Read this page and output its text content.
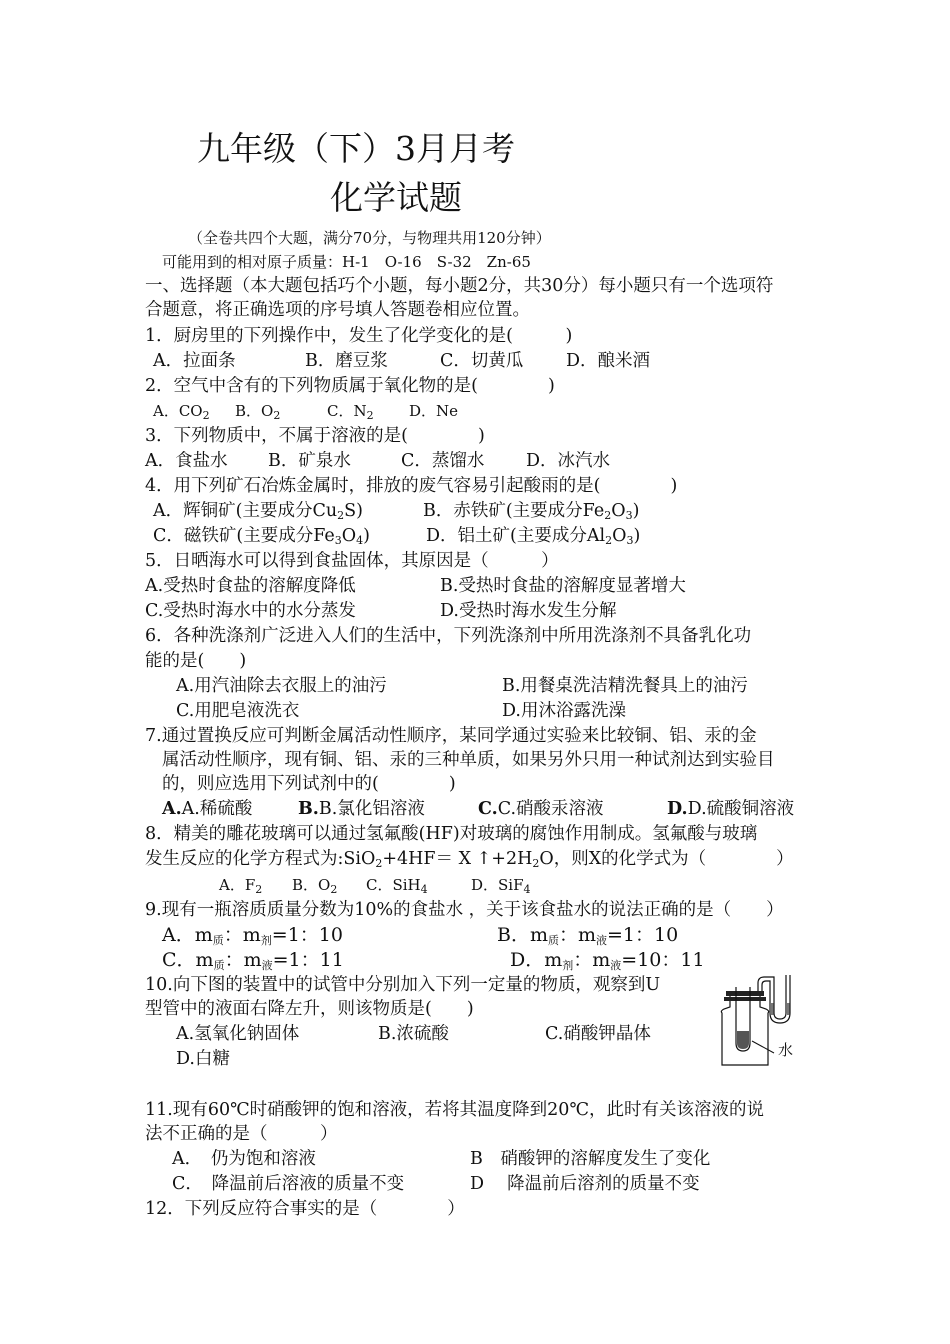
九年级（下）3月月考
化学试题
（全卷共四个大题，满分70分，与物理共用120分钟）
可能用到的相对原子质量：H-1　O-16　S-32　Zn-65
一、选择题（本大题包括巧个小题，每小题2分，共30分）每小题只有一个选项符
合题意，将正确选项的序号填人答题卷相应位置。
1．厨房里的下列操作中，发生了化学变化的是(　　　)
A．拉面条	B．磨豆浆	C．切黄瓜 D．酿米酒
2．空气中含有的下列物质属于氧化物的是(　　　　)
A．$CO_2$ B．$O_2$	C．$N_2$ D．Ne
3．下列物质中，不属于溶液的是(　　　　)
A．食盐水 B．矿泉水	C．蒸馏水 D．冰汽水
4．用下列矿石冶炼金属时，排放的废气容易引起酸雨的是(　　　　)
A．辉铜矿(主要成分$Cu_2S$)	B．赤铁矿(主要成分$Fe_2O_3$)
C．磁铁矿(主要成分$Fe_3O_4$)	D．铝土矿(主要成分$Al_2O_3$)
5．日晒海水可以得到食盐固体，其原因是（　　　）
A.受热时食盐的溶解度降低	B.受热时食盐的溶解度显著增大
C.受热时海水中的水分蒸发	D.受热时海水发生分解
6．各种洗涤剂广泛进入人们的生活中，下列洗涤剂中所用洗涤剂不具备乳化功
能的是(　　)
A.用汽油除去衣服上的油污	B.用餐桌洗洁精洗餐具上的油污
C.用肥皂液洗衣	D.用沐浴露洗澡
7.通过置换反应可判断金属活动性顺序，某同学通过实验来比较铜、铝、汞的金
属活动性顺序，现有铜、铝、汞的三种单质，如果另外只用一种试剂达到实验目
的，则应选用下列试剂中的(　　　　)
A.A.稀硫酸	B.B.氯化铝溶液	C.C.硝酸汞溶液	D.D.硫酸铜溶液
8．精美的雕花玻璃可以通过氢氟酸(HF)对玻璃的腐蚀作用制成。氢氟酸与玻璃
发生反应的化学方程式为:SiO$_2$+4HF＝ X $↑+2H_2O$，则X的化学式为（　　　　）
A．$F_2$ B．$O_2$ C．SiH$_4$	D．SiF$_4$
9.现有一瓶溶质质量分数为10%的食盐水 ，关于该食盐水的说法正确的是（　　）
A．$m_质$：$m_剂=1$：10	B．$m_质$：$m_液=1$：10
C．$m_质$：$m_液=1$：11	D．$m_剂$：$m_液=10$：11
10.向下图的装置中的试管中分别加入下列一定量的物质，观察到U
型管中的液面右降左升，则该物质是(　　)
A.氢氧化钠固体	B.浓硫酸	C.硝酸钾晶体
D.白糖	水
11.现有60℃时硝酸钾的饱和溶液，若将其温度降到20℃，此时有关该溶液的说
法不正确的是（　　　）
A．　仍为饱和溶液	B　硝酸钾的溶解度发生了变化
C．　降温前后溶液的质量不变	D　 降温前后溶剂的质量不变
12．下列反应符合事实的是（　　　　）
